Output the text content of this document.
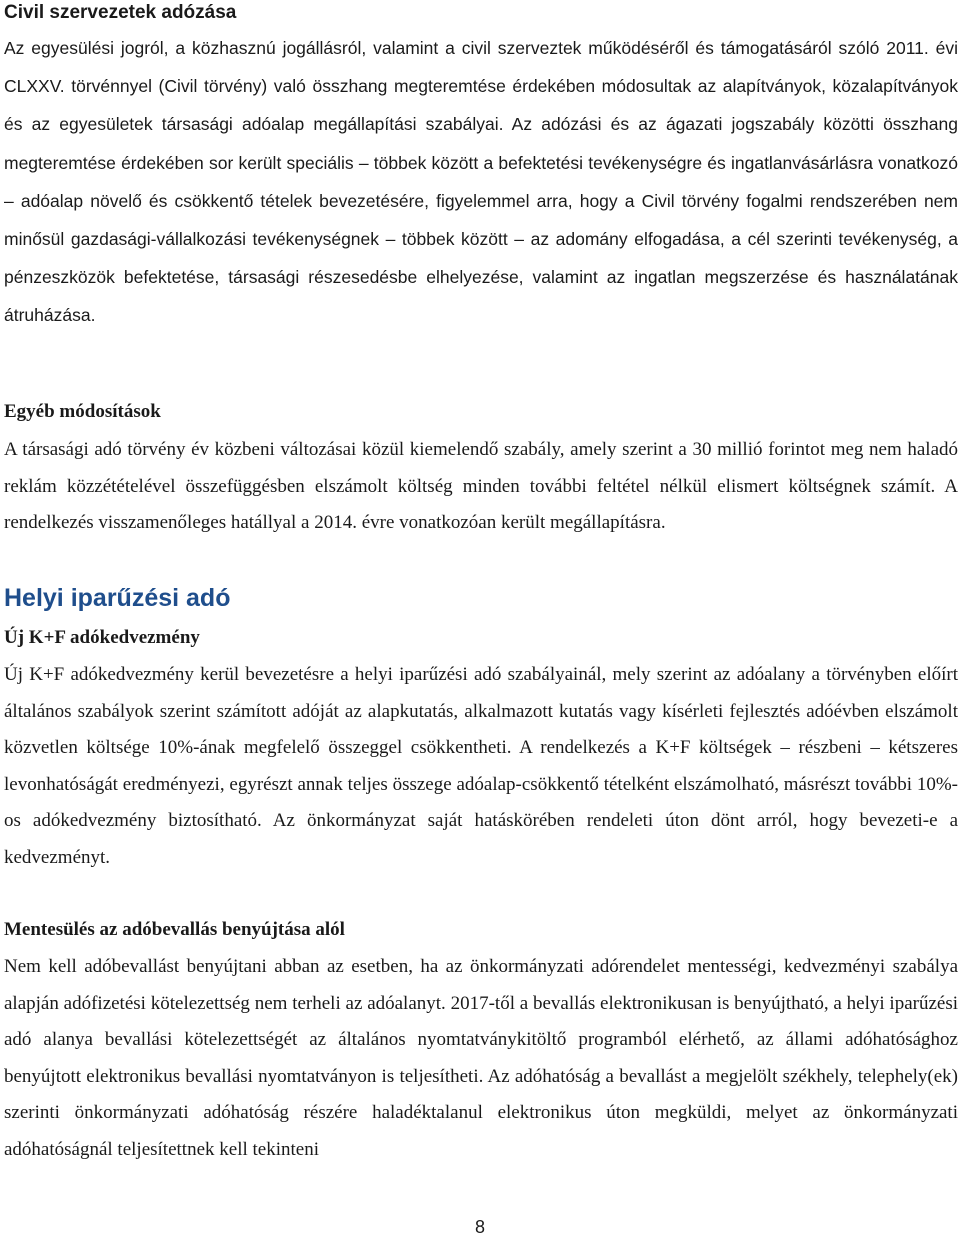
Civil szervezetek adózása

Az egyesülési jogról, a közhasznú jogállásról, valamint a civil szerveztek működéséről és támogatásáról szóló 2011. évi CLXXV. törvénnyel (Civil törvény) való összhang megteremtése érdekében módosultak az alapítványok, közalapítványok és az egyesületek társasági adóalap megállapítási szabályai. Az adózási és az ágazati jogszabály közötti összhang megteremtése érdekében sor került speciális – többek között a befektetési tevékenységre és ingatlanvásárlásra vonatkozó – adóalap növelő és csökkentő tételek bevezetésére, figyelemmel arra, hogy a Civil törvény fogalmi rendszerében nem minősül gazdasági-vállalkozási tevékenységnek – többek között – az adomány elfogadása, a cél szerinti tevékenység, a pénzeszközök befektetése, társasági részesedésbe elhelyezése, valamint az ingatlan megszerzése és használatának átruházása.

Egyéb módosítások

A társasági adó törvény év közbeni változásai közül kiemelendő szabály, amely szerint a 30 millió forintot meg nem haladó reklám közzétételével összefüggésben elszámolt költség minden további feltétel nélkül elismert költségnek számít. A rendelkezés visszamenőleges hatállyal a 2014. évre vonatkozóan került megállapításra.

Helyi iparűzési adó
Új K+F adókedvezmény

Új K+F adókedvezmény kerül bevezetésre a helyi iparűzési adó szabályainál, mely szerint az adóalany a törvényben előírt általános szabályok szerint számított adóját az alapkutatás, alkalmazott kutatás vagy kísérleti fejlesztés adóévben elszámolt közvetlen költsége 10%-ának megfelelő összeggel csökkentheti. A rendelkezés a K+F költségek – részbeni – kétszeres levonhatóságát eredményezi, egyrészt annak teljes összege adóalap-csökkentő tételként elszámolható, másrészt további 10%-os adókedvezmény biztosítható. Az önkormányzat saját hatáskörében rendeleti úton dönt arról, hogy bevezeti-e a kedvezményt.

Mentesülés az adóbevallás benyújtása alól

Nem kell adóbevallást benyújtani abban az esetben, ha az önkormányzati adórendelet mentességi, kedvezményi szabálya alapján adófizetési kötelezettség nem terheli az adóalanyt. 2017-től a bevallás elektronikusan is benyújtható, a helyi iparűzési adó alanya bevallási kötelezettségét az általános nyomtatványkitöltő programból elérhető, az állami adóhatósághoz benyújtott elektronikus bevallási nyomtatványon is teljesítheti. Az adóhatóság a bevallást a megjelölt székhely, telephely(ek) szerinti önkormányzati adóhatóság részére haladéktalanul elektronikus úton megküldi, melyet az önkormányzati adóhatóságnál teljesítettnek kell tekinteni

8
